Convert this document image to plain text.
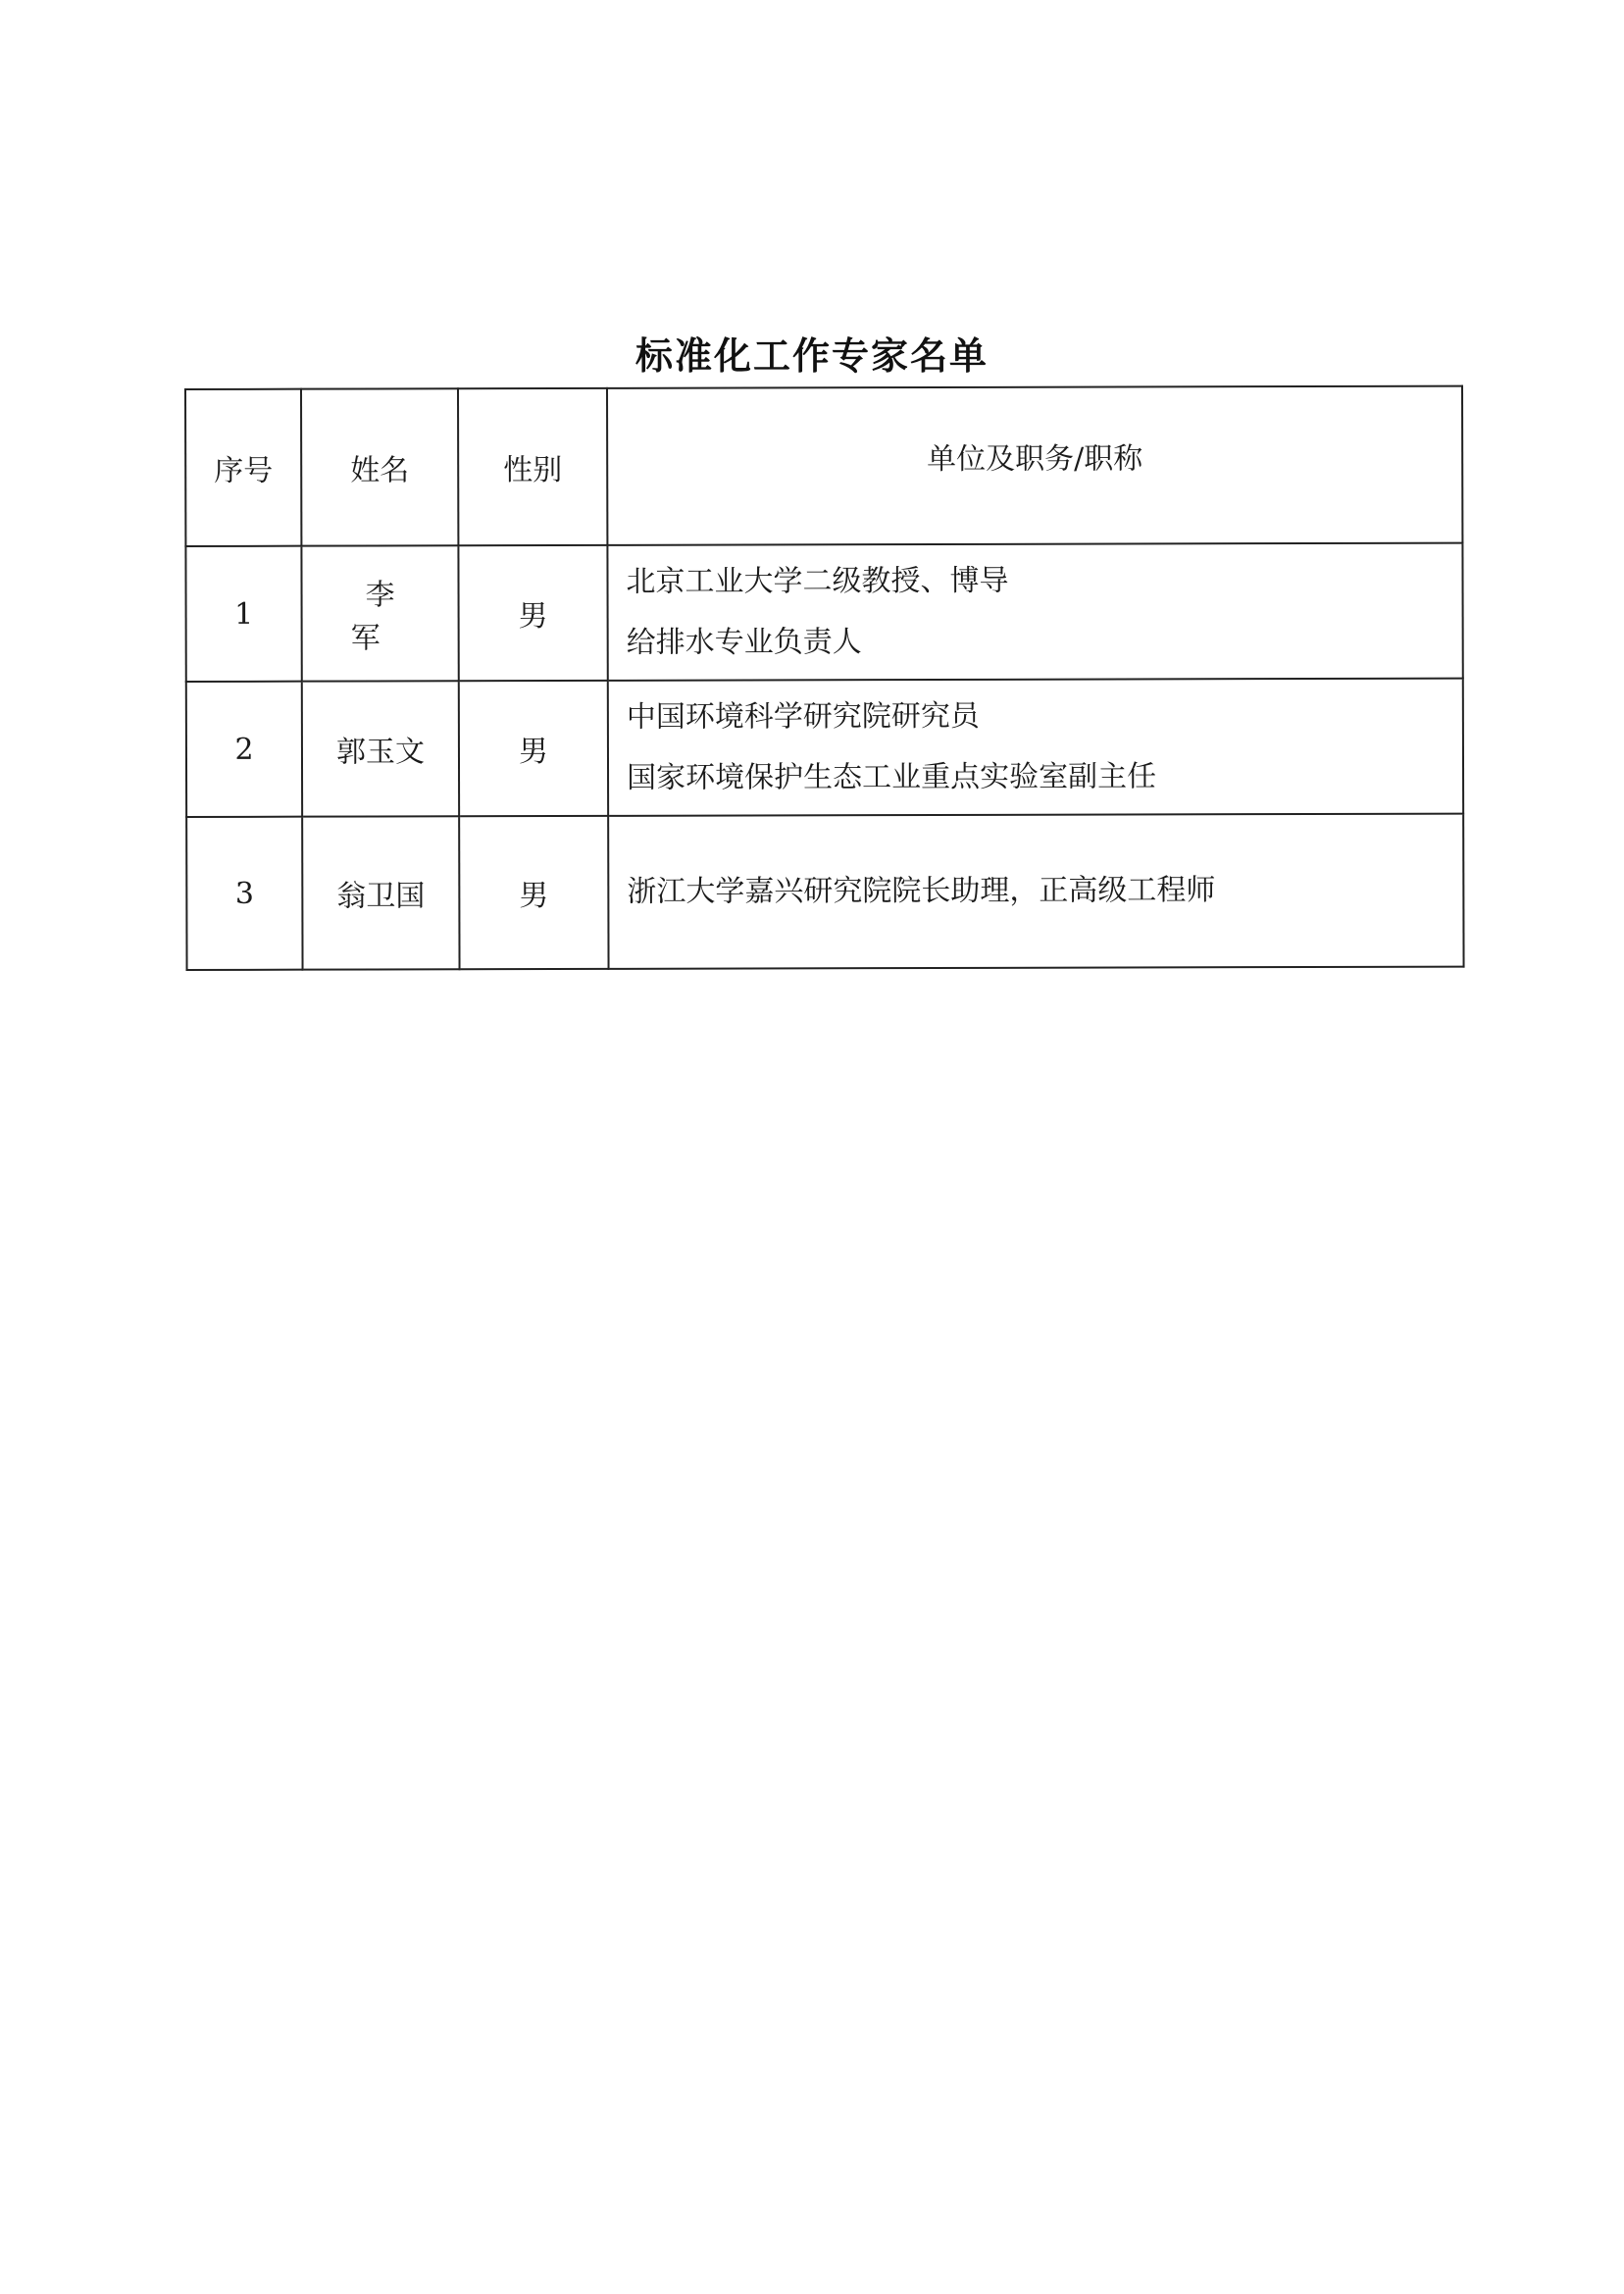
标准化工作专家名单
序号	姓名	性别	单位及职务/职称
1	李 军	男	北京工业大学二级教授、博导
给排水专业负责人

2	郭玉文	男	中国环境科学研究院研究员
国家环境保护生态工业重点实验室副主任

3	翁卫国	男	浙江大学嘉兴研究院院长助理，正高级工程师
